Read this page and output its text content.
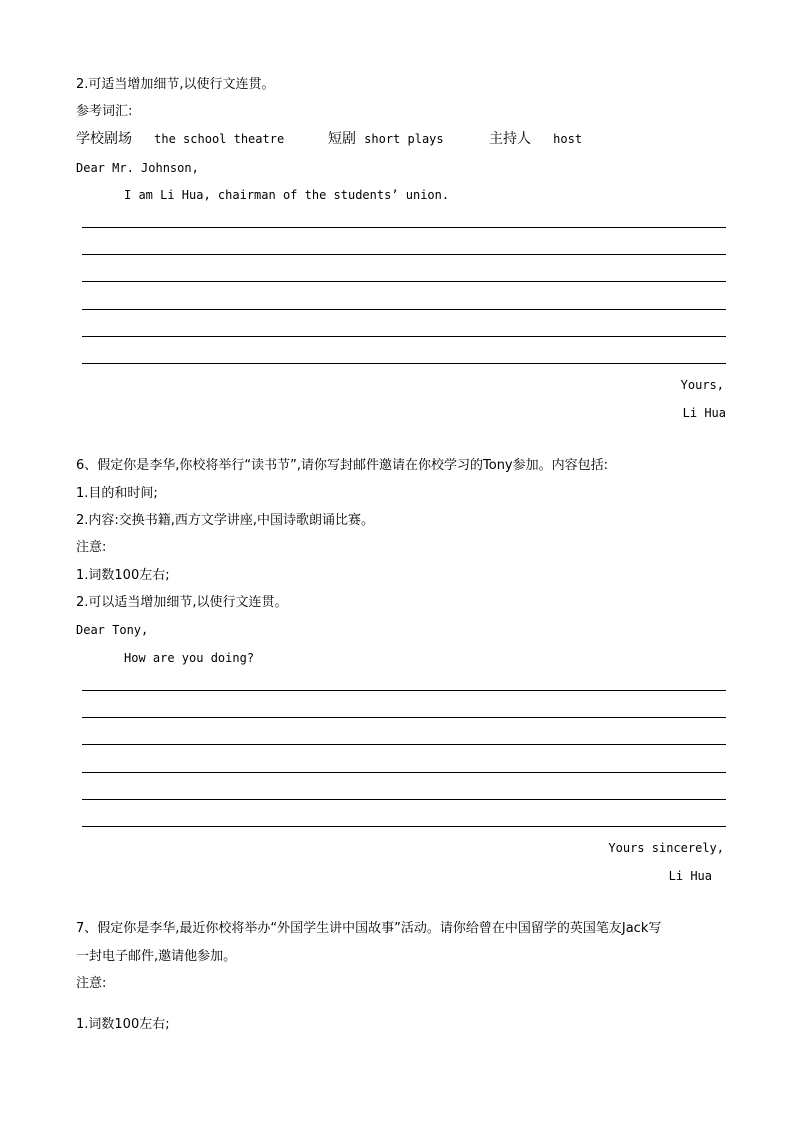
2.可适当增加细节,以使行文连贯。
参考词汇:
学校剧场 the school theatre	短剧 short plays	主持人 host
Dear Mr. Johnson,
I am Li Hua, chairman of the students’ union.
Yours,
Li Hua
6、假定你是李华,你校将举行“读书节”,请你写封邮件邀请在你校学习的Tony参加。内容包括:
1.目的和时间;
2.内容:交换书籍,西方文学讲座,中国诗歌朗诵比赛。
注意:
1.词数100左右;
2.可以适当增加细节,以使行文连贯。
Dear Tony,
How are you doing?
Yours sincerely,
Li Hua
7、假定你是李华,最近你校将举办“外国学生讲中国故事”活动。请你给曾在中国留学的英国笔友Jack写
一封电子邮件,邀请他参加。
注意:
1.词数100左右;
